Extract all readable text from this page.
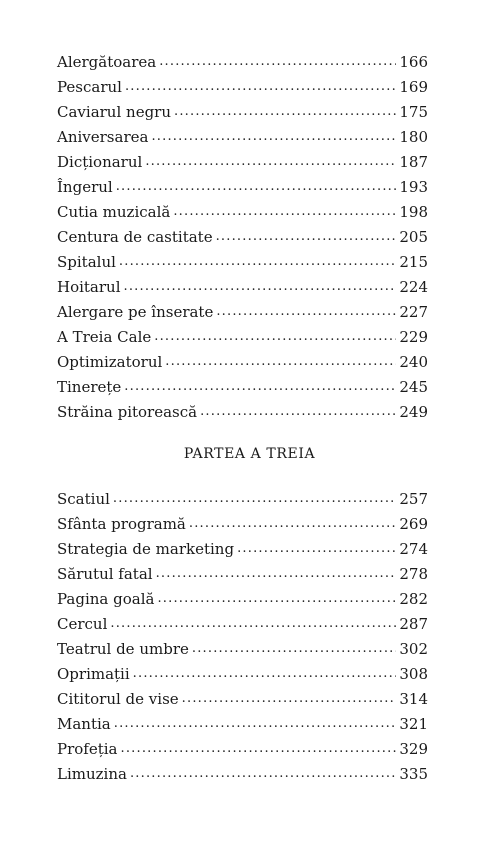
Alergătoarea .....	166
Pescarul .....	169
Caviarul negru .....	175
Aniversarea .....	180
Dicționarul .....	187
Îngerul .....	193
Cutia muzicală .....	198
Centura de castitate .....	205
Spitalul .....	215
Hoitarul .....	224
Alergare pe înserate .....	227
A Treia Cale .....	229
Optimizatorul .....	240
Tinerețe .....	245
Străina pitorească .....	249
PARTEA A TREIA
Scatiul .....	257
Sfânta programă .....	269
Strategia de marketing .....	274
Sărutul fatal .....	278
Pagina goală .....	282
Cercul .....	287
Teatrul de umbre .....	302
Oprimații .....	308
Cititorul de vise .....	314
Mantia .....	321
Profeția .....	329
Limuzina .....	335
